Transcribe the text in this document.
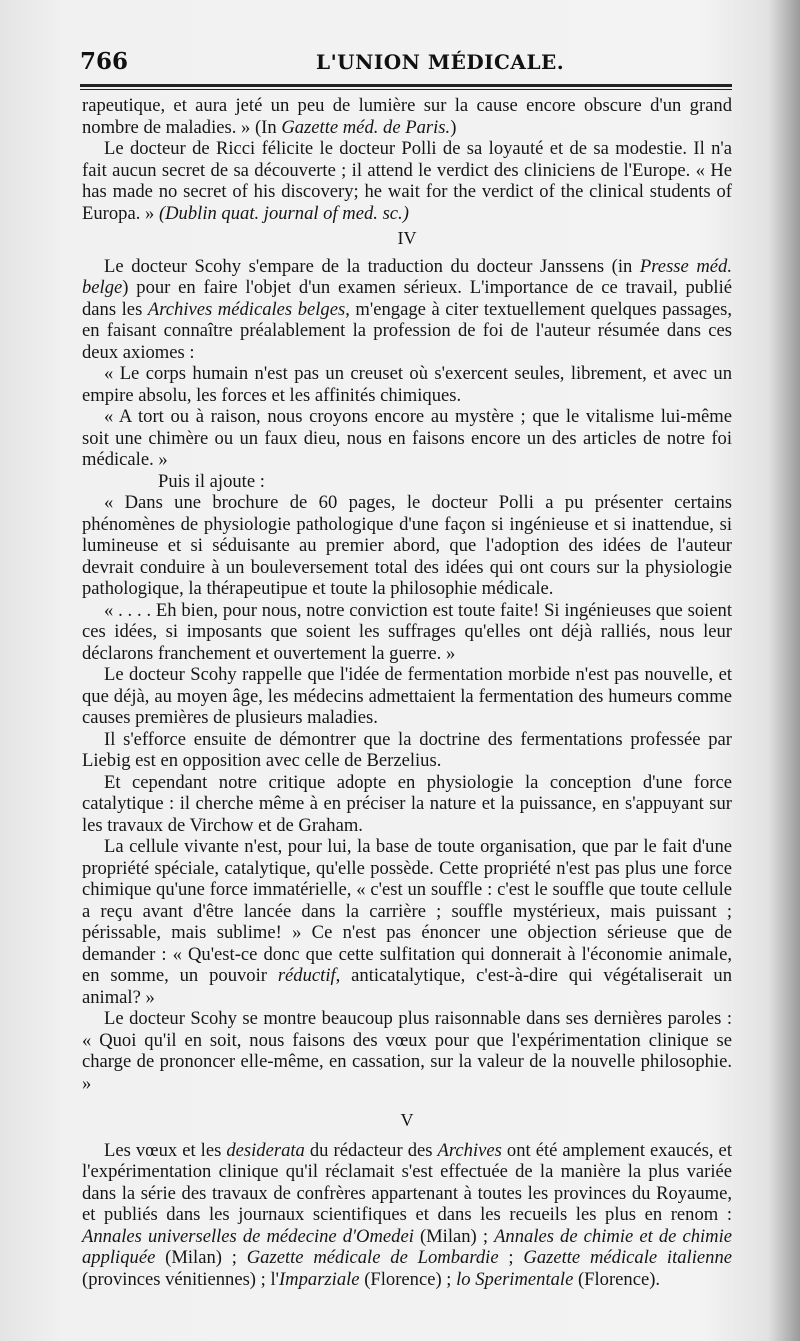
766	L'UNION MÉDICALE.

rapeutique, et aura jeté un peu de lumière sur la cause encore obscure d'un grand nombre de maladies. » (In Gazette méd. de Paris.)

Le docteur de Ricci félicite le docteur Polli de sa loyauté et de sa modestie. Il n'a fait aucun secret de sa découverte ; il attend le verdict des cliniciens de l'Europe. « He has made no secret of his discovery; he wait for the verdict of the clinical students of Europa. » (Dublin quat. journal of med. sc.)

IV

Le docteur Scohy s'empare de la traduction du docteur Janssens (in Presse méd. belge) pour en faire l'objet d'un examen sérieux. L'importance de ce travail, publié dans les Archives médicales belges, m'engage à citer textuellement quelques passages, en faisant connaître préalablement la profession de foi de l'auteur résumée dans ces deux axiomes :

« Le corps humain n'est pas un creuset où s'exercent seules, librement, et avec un empire absolu, les forces et les affinités chimiques.

« A tort ou à raison, nous croyons encore au mystère ; que le vitalisme lui-même soit une chimère ou un faux dieu, nous en faisons encore un des articles de notre foi médicale. »

Puis il ajoute :

« Dans une brochure de 60 pages, le docteur Polli a pu présenter certains phénomènes de physiologie pathologique d'une façon si ingénieuse et si inattendue, si lumineuse et si séduisante au premier abord, que l'adoption des idées de l'auteur devrait conduire à un bouleversement total des idées qui ont cours sur la physiologie pathologique, la thérapeutipue et toute la philosophie médicale.

« . . . . Eh bien, pour nous, notre conviction est toute faite! Si ingénieuses que soient ces idées, si imposants que soient les suffrages qu'elles ont déjà ralliés, nous leur déclarons franchement et ouvertement la guerre. »

Le docteur Scohy rappelle que l'idée de fermentation morbide n'est pas nouvelle, et que déjà, au moyen âge, les médecins admettaient la fermentation des humeurs comme causes premières de plusieurs maladies.

Il s'efforce ensuite de démontrer que la doctrine des fermentations professée par Liebig est en opposition avec celle de Berzelius.

Et cependant notre critique adopte en physiologie la conception d'une force catalytique : il cherche même à en préciser la nature et la puissance, en s'appuyant sur les travaux de Virchow et de Graham.

La cellule vivante n'est, pour lui, la base de toute organisation, que par le fait d'une propriété spéciale, catalytique, qu'elle possède. Cette propriété n'est pas plus une force chimique qu'une force immatérielle, « c'est un souffle : c'est le souffle que toute cellule a reçu avant d'être lancée dans la carrière ; souffle mystérieux, mais puissant ; périssable, mais sublime! » Ce n'est pas énoncer une objection sérieuse que de demander : « Qu'est-ce donc que cette sulfitation qui donnerait à l'économie animale, en somme, un pouvoir réductif, anticatalytique, c'est-à-dire qui végétaliserait un animal? »

Le docteur Scohy se montre beaucoup plus raisonnable dans ses dernières paroles : « Quoi qu'il en soit, nous faisons des vœux pour que l'expérimentation clinique se charge de prononcer elle-même, en cassation, sur la valeur de la nouvelle philosophie. »

V

Les vœux et les desiderata du rédacteur des Archives ont été amplement exaucés, et l'expérimentation clinique qu'il réclamait s'est effectuée de la manière la plus variée dans la série des travaux de confrères appartenant à toutes les provinces du Royaume, et publiés dans les journaux scientifiques et dans les recueils les plus en renom : Annales universelles de médecine d'Omedei (Milan) ; Annales de chimie et de chimie appliquée (Milan) ; Gazette médicale de Lombardie ; Gazette médicale italienne (provinces vénitiennes) ; l'Imparziale (Florence) ; lo Sperimentale (Florence).
